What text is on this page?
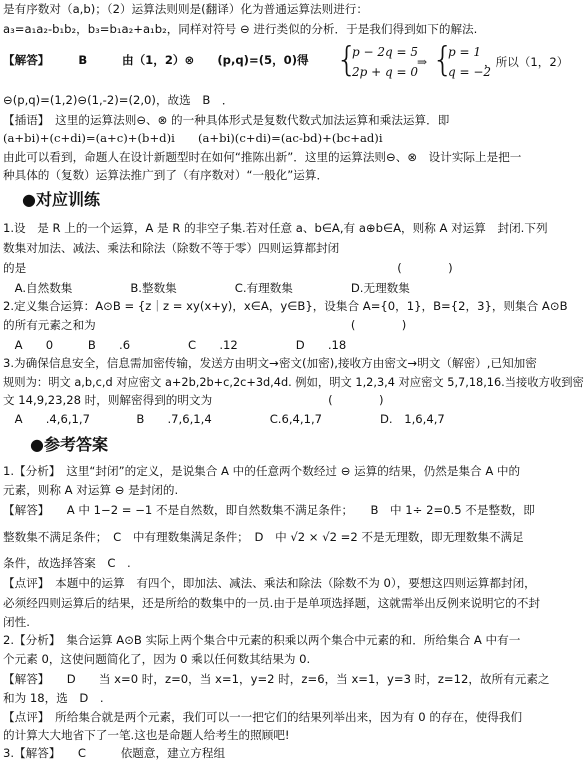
是有序数对（a,b)；（2）运算法则则是(翻译）化为普通运算法则进行：
a₃=a₁a₂-b₁b₂，b₃=b₁a₂+a₁b₂，同样对符号 ⊖ 进行类似的分析．于是我们得到如下的解法.
【解答】　　　B　　　由（1，2）⊗　　(p,q)=(5，0)得 {
p − 2q = 5
2p + q = 0
⇒ {
p = 1
q = −2
，所以（1，2）
⊖(p,q)=(1,2)⊖(1,-2)=(2,0)，故选　B　．
【插语】　这里的运算法则⊖、⊗ 的一种具体形式是复数代数式加法运算和乘法运算．即
(a+bi)+(c+di)=(a+c)+(b+d)i　　(a+bi)(c+di)=(ac-bd)+(bc+ad)i
由此可以看到，命题人在设计新题型时在如何“推陈出新”．这里的运算法则⊖、⊗　设计实际上是把一
种具体的（复数）运算法推广到了（有序数对）“一般化”运算．
●对应训练
1.设　是 R 上的一个运算，A 是 R 的非空子集.若对任意 a、b∈A,有 a⊕b∈A，则称 A 对运算　封闭.下列
数集对加法、减法、乘法和除法（除数不等于零）四则运算都封闭
的是　　　　　　　　　　　　　　　　　　　　　　　　　　　　　　　　(　　　　)
　A.自然数集　　　　　B.整数集　　　　　C.有理数集　　　　　D.无理数集
2.定义集合运算：A⊙B = {z｜z = xy(x+y)，x∈A，y∈B}，设集合 A={0，1}，B={2，3}，则集合 A⊙B
的所有元素之和为　　　　　　　　　　　　　　　　　　　　　　(　　　　)
　A　　0　　　B　　.6　　　　　C　　.12　　　　　D　　.18
3.为确保信息安全，信息需加密传输，发送方由明文→密文(加密),接收方由密文→明文（解密）,已知加密
规则为：明文 a,b,c,d 对应密文 a+2b,2b+c,2c+3d,4d. 例如，明文 1,2,3,4 对应密文 5,7,18,16.当接收方收到密
文 14,9,23,28 时，则解密得到的明文为　　　　　　　　　　(　　　　)
　A　　.4,6,1,7　　　　B　　.7,6,1,4　　　　　C.6,4,1,7　　　　　D.　1,6,4,7
●参考答案
1.【分析】　这里“封闭”的定义，是说集合 A 中的任意两个数经过 ⊖ 运算的结果，仍然是集合 A 中的
元素，则称 A 对运算 ⊖ 是封闭的.
【解答】　　A 中 1−2 = −1 不是自然数，即自然数集不满足条件；　　B　中 1÷ 2=0.5 不是整数，即
整数集不满足条件；　C　中有理数集满足条件；　D　中 √2 × √2 =2 不是无理数，即无理数集不满足
条件，故选择答案　C　.
【点评】　本题中的运算　有四个，即加法、减法、乘法和除法（除数不为 0），要想这四则运算都封闭，
必须经四则运算后的结果，还是所给的数集中的一员.由于是单项选择题，这就需举出反例来说明它的不封
闭性.
2.【分析】　集合运算 A⊙B 实际上两个集合中元素的积乘以两个集合中元素的和．所给集合 A 中有一
个元素 0，这使问题简化了，因为 0 乘以任何数其结果为 0.
【解答】　　D　　当 x=0 时，z=0，当 x=1，y=2 时，z=6，当 x=1，y=3 时，z=12，故所有元素之
和为 18，选　D　.
【点评】　所给集合就是两个元素，我们可以一一把它们的结果列举出来，因为有 0 的存在，使得我们
的计算大大地省下了一笔.这也是命题人给考生的照顾吧!
3.【解答】　　C　　　依题意，建立方程组
